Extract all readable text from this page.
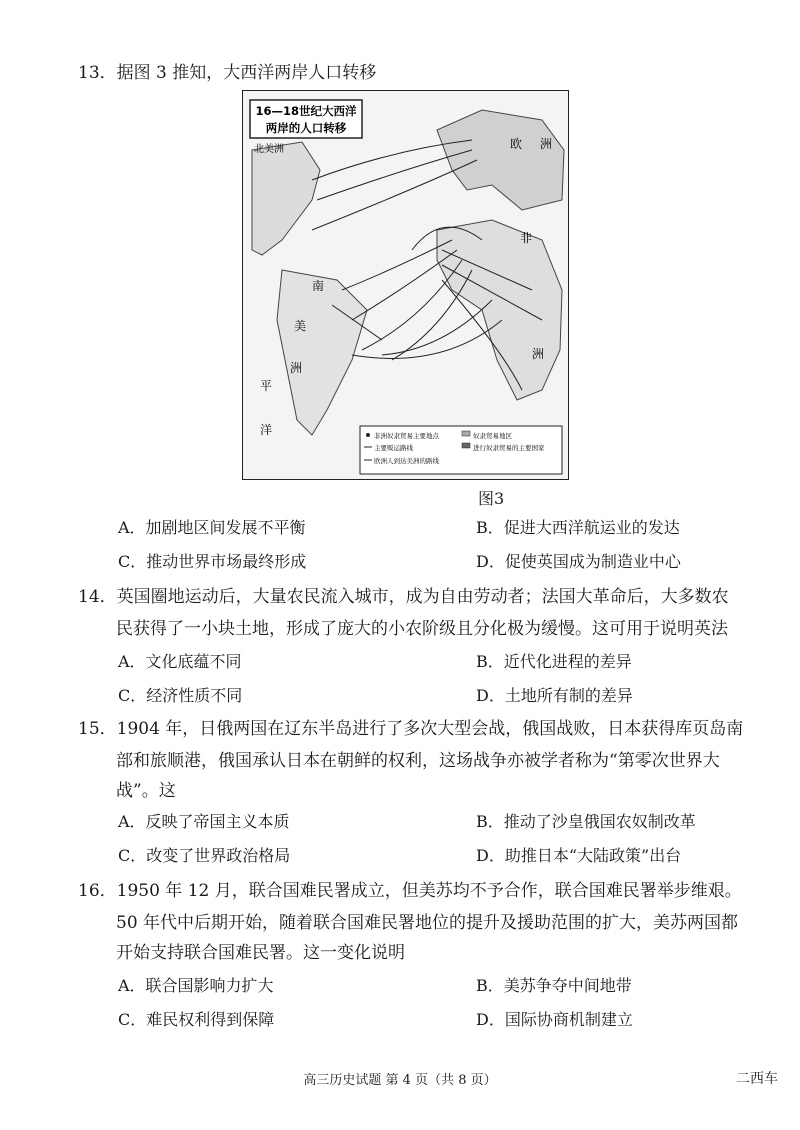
13．据图 3 推知，大西洋两岸人口转移
16—18世纪大西洋
两岸的人口转移
北美洲	欧 洲
非
洲
南
美
洲
平
洋	非洲奴隶贸易主要地点
主要贩运路线
欧洲人到达美洲的路线
奴隶贸易地区
进行奴隶贸易的主要国家
图3
A．加剧地区间发展不平衡	B．促进大西洋航运业的发达
C．推动世界市场最终形成	D．促使英国成为制造业中心
14．英国圈地运动后，大量农民流入城市，成为自由劳动者；法国大革命后，大多数农
民获得了一小块土地，形成了庞大的小农阶级且分化极为缓慢。这可用于说明英法
A．文化底蕴不同	B．近代化进程的差异
C．经济性质不同	D．土地所有制的差异
15．1904 年，日俄两国在辽东半岛进行了多次大型会战，俄国战败，日本获得库页岛南
部和旅顺港，俄国承认日本在朝鲜的权利，这场战争亦被学者称为“第零次世界大
战”。这
A．反映了帝国主义本质	B．推动了沙皇俄国农奴制改革
C．改变了世界政治格局	D．助推日本“大陆政策”出台
16．1950 年 12 月，联合国难民署成立，但美苏均不予合作，联合国难民署举步维艰。
50 年代中后期开始，随着联合国难民署地位的提升及援助范围的扩大，美苏两国都
开始支持联合国难民署。这一变化说明
A．联合国影响力扩大	B．美苏争夺中间地带
C．难民权利得到保障	D．国际协商机制建立
高三历史试题 第 4 页（共 8 页）	二西车
